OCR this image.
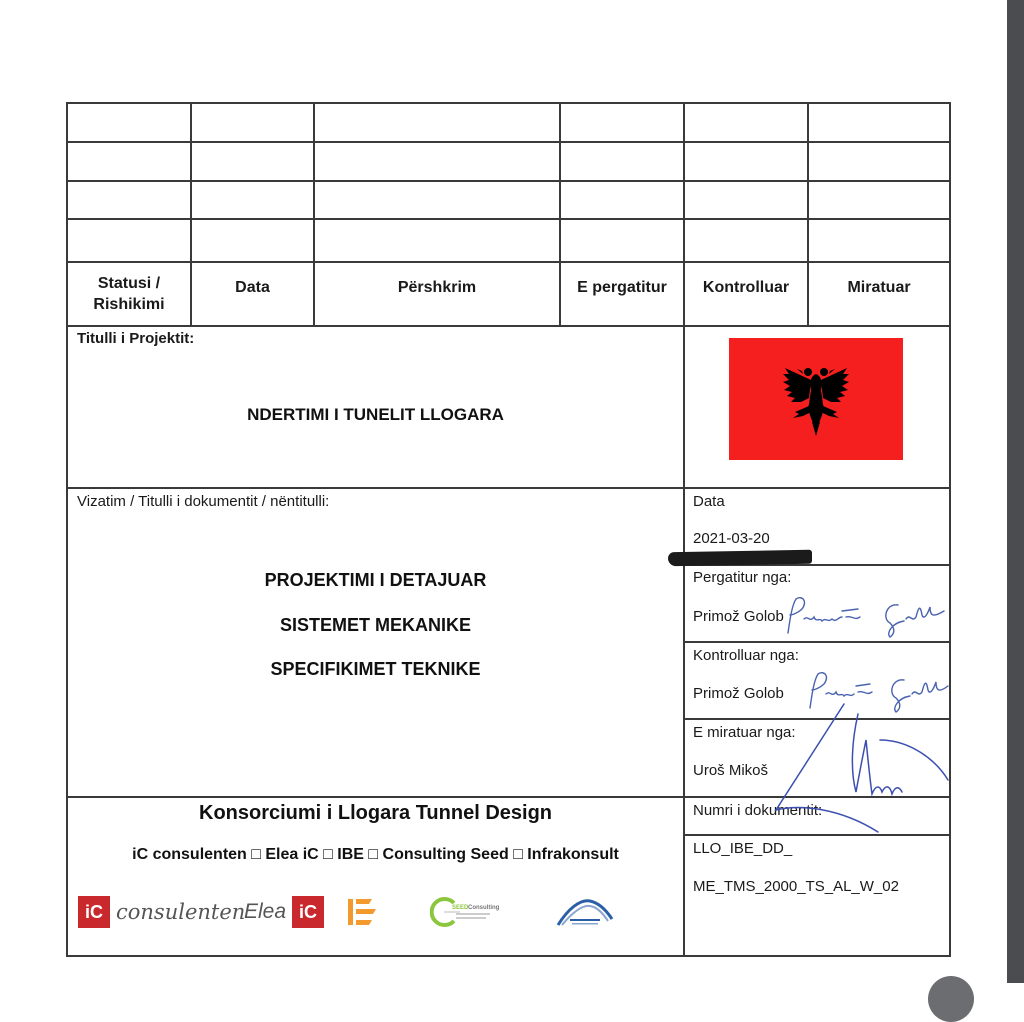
Statusi /
Rishikimi
Data	Përshkrim	E pergatitur	Kontrolluar	Miratuar
Titulli i Projektit:
NDERTIMI I TUNELIT LLOGARA
Vizatim / Titulli i dokumentit / nëntitulli:
PROJEKTIMI I DETAJUAR
SISTEMET MEKANIKE
SPECIFIKIMET TEKNIKE
Data
2021-03-20
Pergatitur nga:
Primož Golob
Kontrolluar nga:
Primož Golob
E miratuar nga:
Uroš Mikoš
Numri i dokumentit:
LLO_IBE_DD_
ME_TMS_2000_TS_AL_W_02
Konsorciumi i Llogara Tunnel Design
iC consulenten □ Elea iC □ IBE □ Consulting Seed □ Infrakonsult
iC consulenten
Elea iC	SEED Consulting
